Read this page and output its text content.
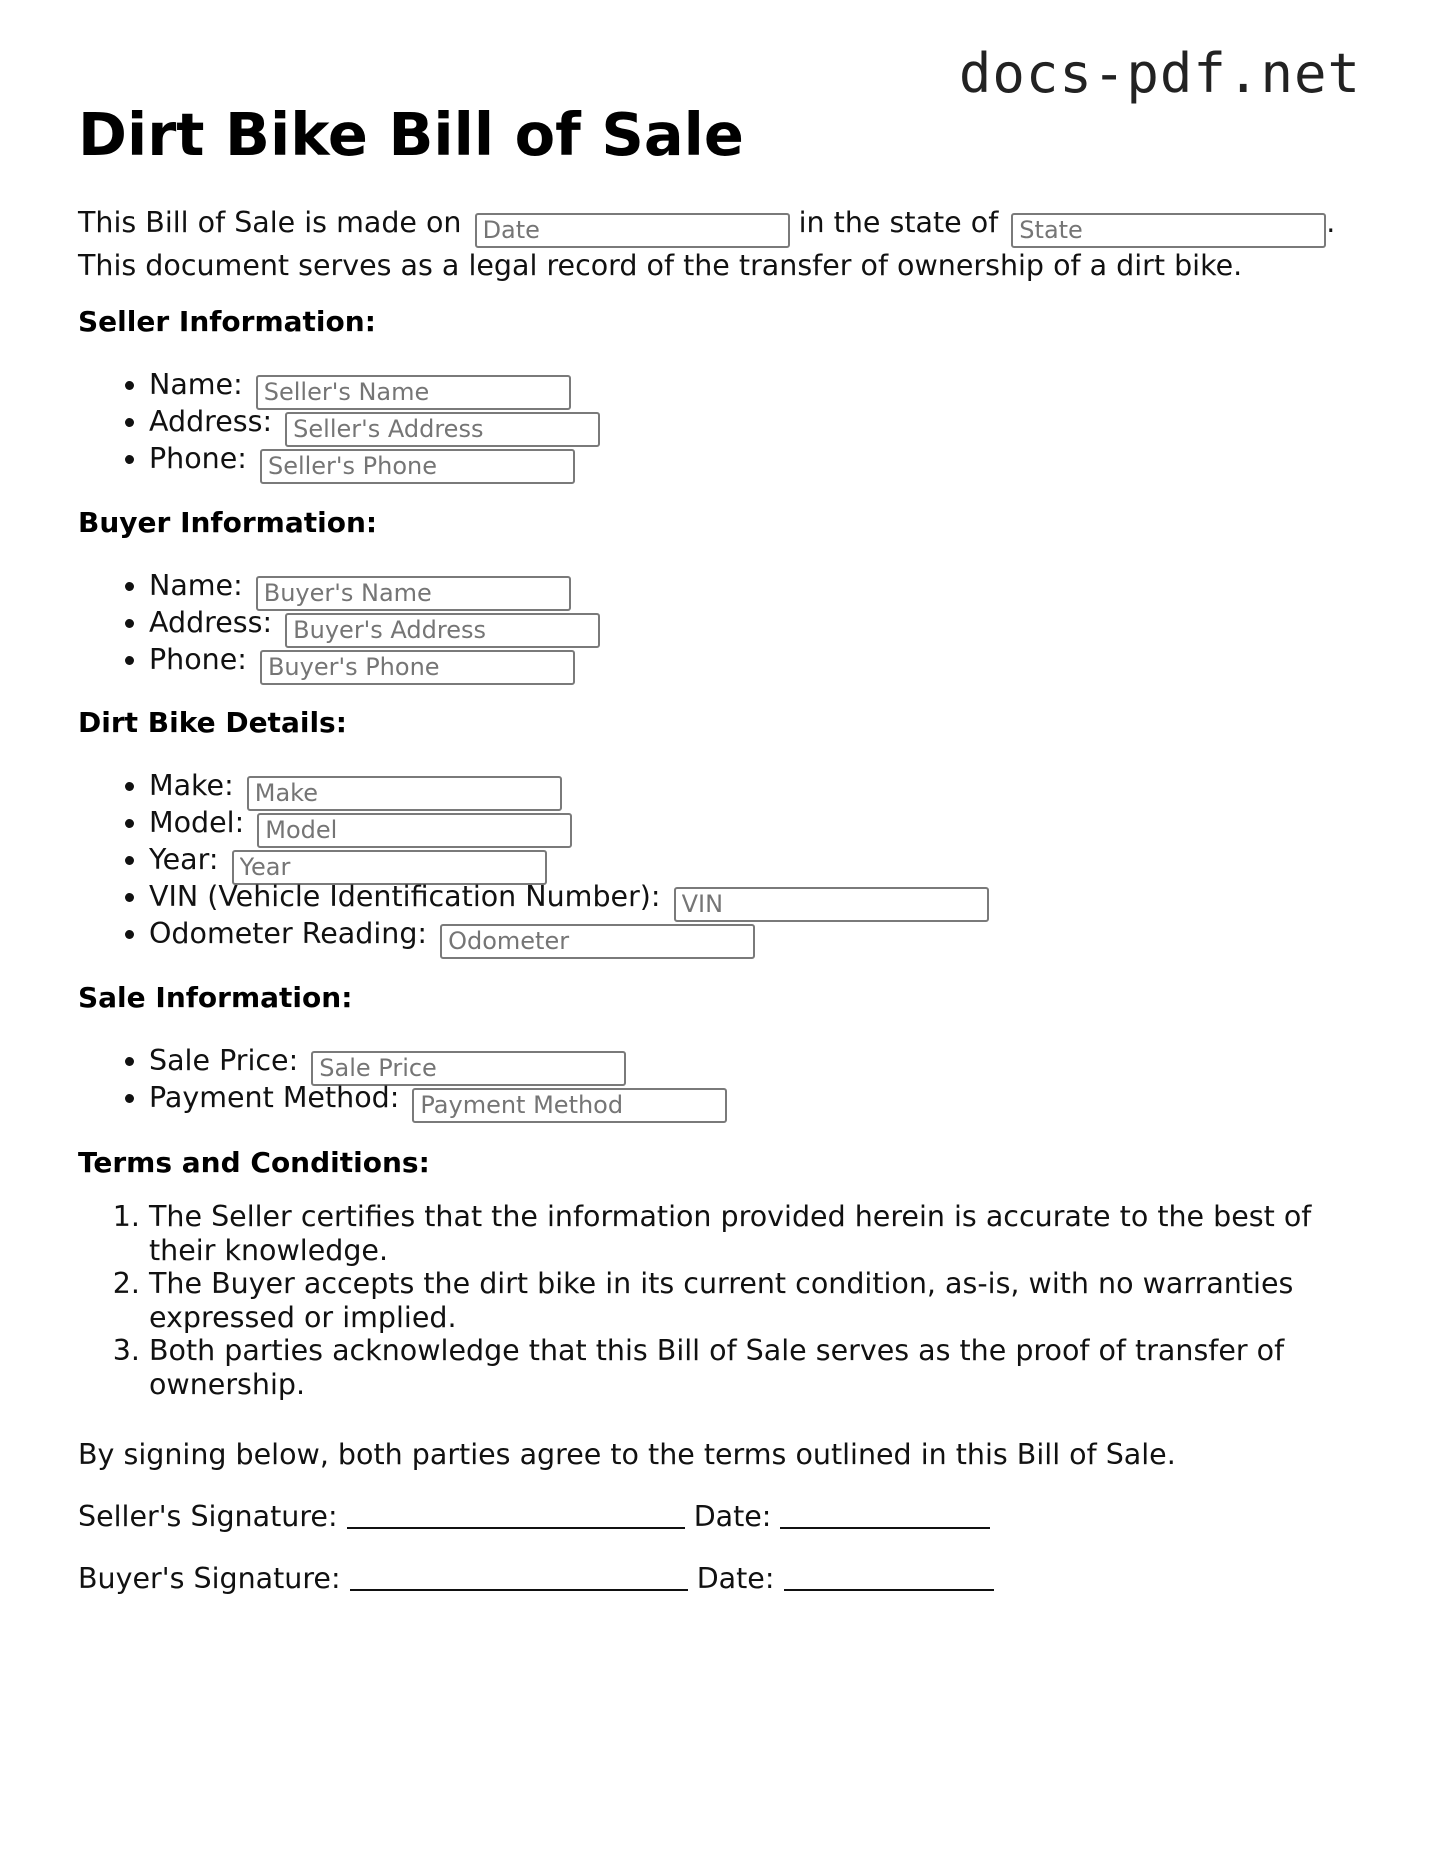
docs-pdf.net
Dirt Bike Bill of Sale

This Bill of Sale is made on Date	in the state of State	.
This document serves as a legal record of the transfer of ownership of a dirt bike.

Seller Information:
• Name: Seller's Name
• Address: Seller's Address
• Phone: Seller's Phone
Buyer Information:
• Name: Buyer's Name
• Address: Buyer's Address
• Phone: Buyer's Phone
Dirt Bike Details:
• Make: Make
• Model: Model
• Year: Year
• VIN (Vehicle Identification Number): VIN
• Odometer Reading: Odometer
Sale Information:
• Sale Price: Sale Price
• Payment Method: Payment Method
Terms and Conditions:
1. The Seller certifies that the information provided herein is accurate to the best of their knowledge.
2. The Buyer accepts the dirt bike in its current condition, as-is, with no warranties expressed or implied.
3. Both parties acknowledge that this Bill of Sale serves as the proof of transfer of ownership.

By signing below, both parties agree to the terms outlined in this Bill of Sale.

Seller's Signature:	Date:

Buyer's Signature:	Date:
